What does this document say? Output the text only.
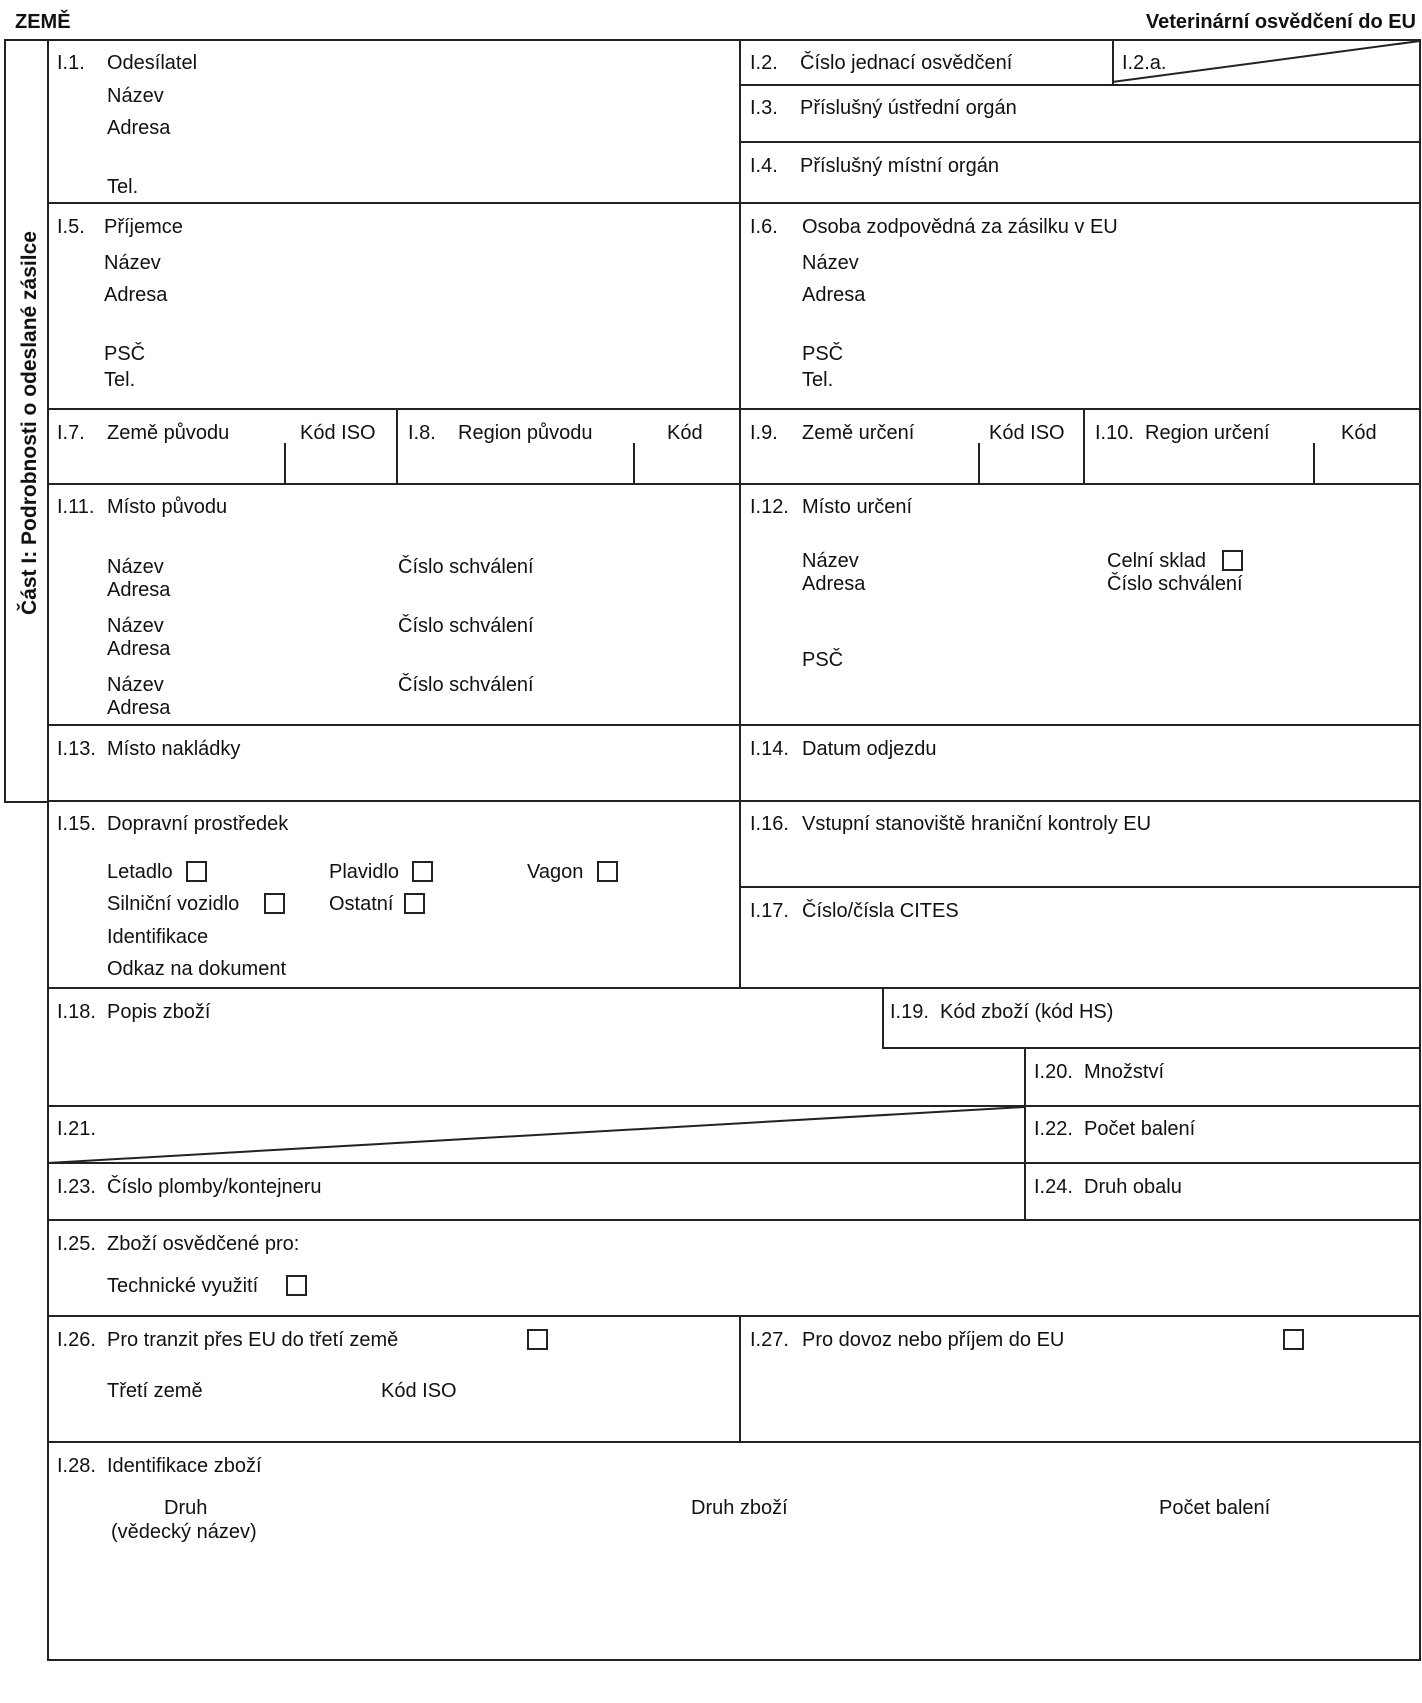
ZEMĚ	Veterinární osvědčení do EU
Část I: Podrobnosti o odeslané zásilce
I.1. Odesílatel
Název
Adresa
Tel.
I.2. Číslo jednací osvědčení	I.2.a.
I.3. Příslušný ústřední orgán
I.4. Příslušný místní orgán
I.5. Příjemce
Název
Adresa
PSČ
Tel.
I.6. Osoba zodpovědná za zásilku v EU
Název
Adresa
PSČ
Tel.
I.7. Země původu	Kód ISO I.8. Region původu	Kód I.9. Země určení	Kód ISO I.10. Region určení	Kód
I.11. Místo původu
Název	Číslo schválení
Adresa
Název	Číslo schválení
Adresa
Název	Číslo schválení
Adresa
I.12. Místo určení
Název
Adresa
PSČ
Celní sklad
Číslo schválení
I.13. Místo nakládky	I.14. Datum odjezdu
I.15. Dopravní prostředek
Letadlo	Plavidlo	Vagon
Silniční vozidlo	Ostatní
Identifikace
Odkaz na dokument
I.16. Vstupní stanoviště hraniční kontroly EU
I.17. Číslo/čísla CITES
I.18. Popis zboží	I.19. Kód zboží (kód HS)
I.20. Množství
I.21.	I.22. Počet balení
I.23. Číslo plomby/kontejneru	I.24. Druh obalu
I.25. Zboží osvědčené pro:
Technické využití
I.26. Pro tranzit přes EU do třetí země
Třetí země	Kód ISO
I.27. Pro dovoz nebo příjem do EU
I.28. Identifikace zboží
Druh
(vědecký název)
Druh zboží	Počet balení
